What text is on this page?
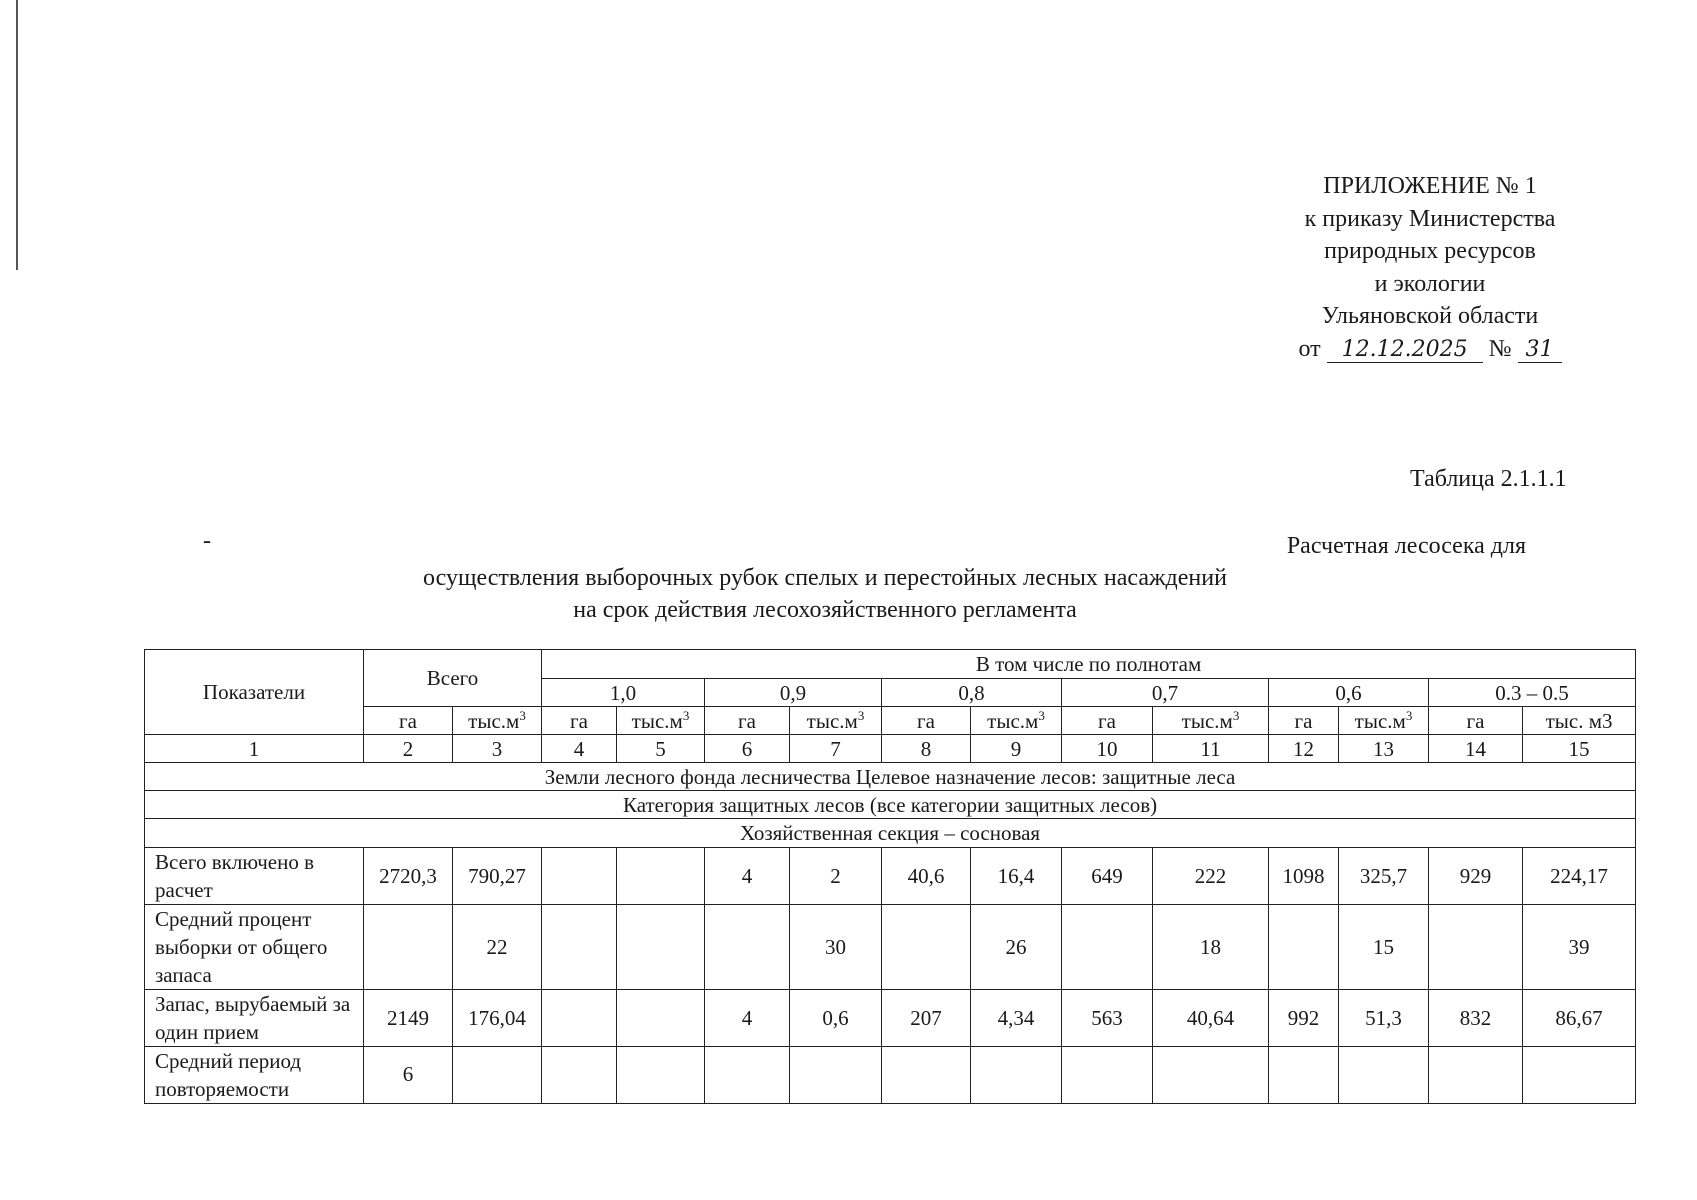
ПРИЛОЖЕНИЕ № 1
к приказу Министерства
природных ресурсов
и экологии
Ульяновской области
от 12.12.2025 № 31
Таблица 2.1.1.1
-	Расчетная лесосека для
осуществления выборочных рубок спелых и перестойных лесных насаждений
на срок действия лесохозяйственного регламента
Показатели	Всего		В том числе по полнотам											
			1,0		0,9		0,8		0,7		0,6		0.3 – 0.5	
	га	$тыс.м^3$	га	$тыс.м^3$	га	$тыс.м^3$	га	$тыс.м^3$	га	$тыс.м^3$	га	$тыс.м^3$	га	тыс. м3
1	2	3	4	5	6	7	8	9	10	11	12	13	14	15
Земли лесного фонда лесничества Целевое назначение лесов: защитные леса														
Категория защитных лесов (все категории защитных лесов)														
Хозяйственная секция – сосновая														
Всего включено в расчет	2720,3	790,27			4	2	40,6	16,4	649	222	1098	325,7	929	224,17
Средний процент выборки от общего запаса		22				30		26		18		15		39
Запас, вырубаемый за один прием	2149	176,04			4	0,6	207	4,34	563	40,64	992	51,3	832	86,67
Средний период повторяемости	6													
